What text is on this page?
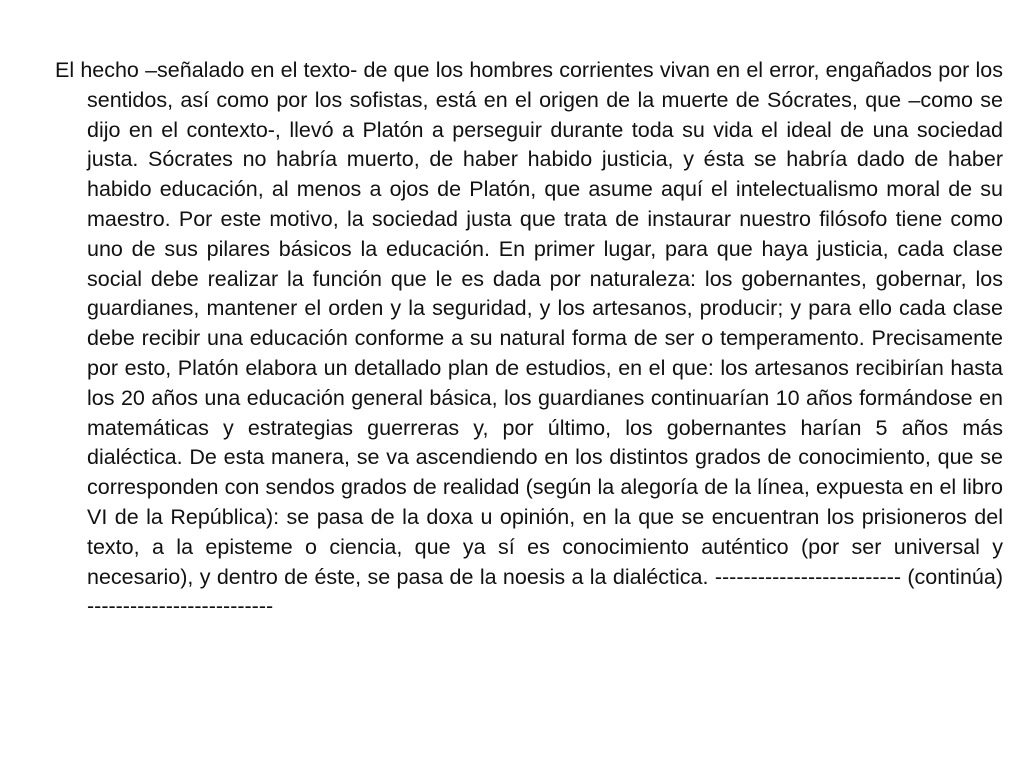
El hecho –señalado en el texto- de que los hombres corrientes vivan en el error, engañados por los sentidos, así como por los sofistas, está en el origen de la muerte de Sócrates, que –como se dijo en el contexto-, llevó a Platón a perseguir durante toda su vida el ideal de una sociedad justa. Sócrates no habría muerto, de haber habido justicia, y ésta se habría dado de haber habido educación, al menos a ojos de Platón, que asume aquí el intelectualismo moral de su maestro. Por este motivo, la sociedad justa que trata de instaurar nuestro filósofo tiene como uno de sus pilares básicos la educación. En primer lugar, para que haya justicia, cada clase social debe realizar la función que le es dada por naturaleza: los gobernantes, gobernar, los guardianes, mantener el orden y la seguridad, y los artesanos, producir; y para ello cada clase debe recibir una educación conforme a su natural forma de ser o temperamento. Precisamente por esto, Platón elabora un detallado plan de estudios, en el que: los artesanos recibirían hasta los 20 años una educación general básica, los guardianes continuarían 10 años formándose en matemáticas y estrategias guerreras y, por último, los gobernantes harían 5 años más dialéctica. De esta manera, se va ascendiendo en los distintos grados de conocimiento, que se corresponden con sendos grados de realidad (según la alegoría de la línea, expuesta en el libro VI de la República): se pasa de la doxa u opinión, en la que se encuentran los prisioneros del texto, a la episteme o ciencia, que ya sí es conocimiento auténtico (por ser universal y necesario), y dentro de éste, se pasa de la noesis a la dialéctica. -------------------------- (continúa) --------------------------
